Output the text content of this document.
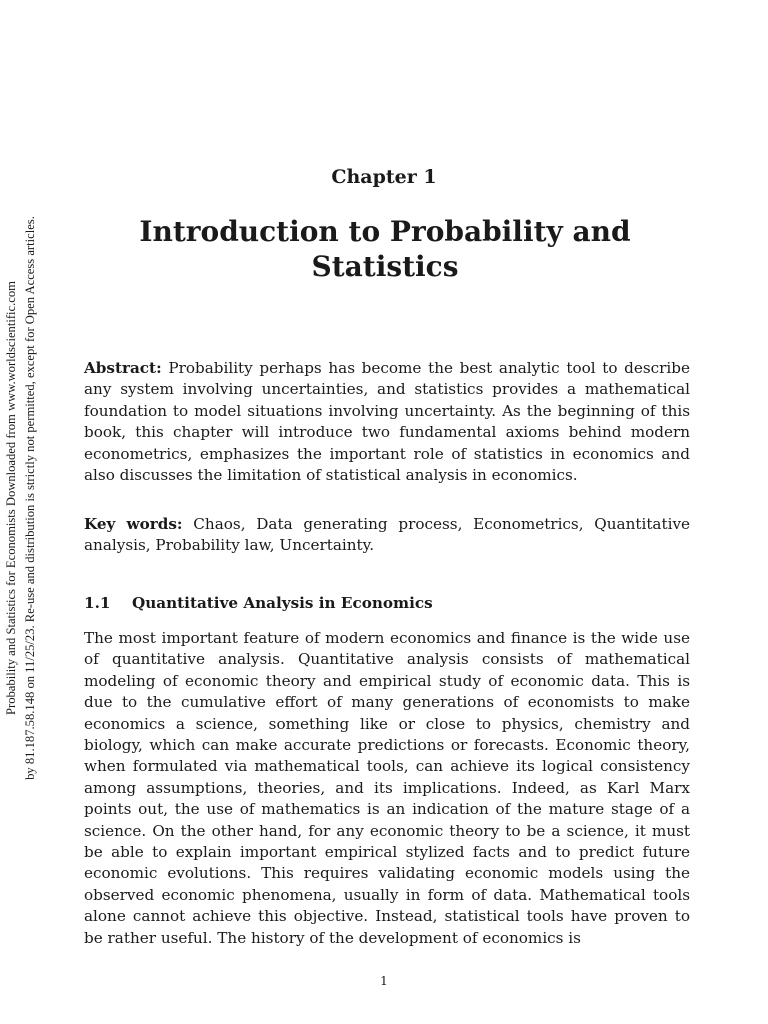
Probability and Statistics for Economists Downloaded from www.worldscientific.com by 81.187.58.148 on 11/25/23. Re-use and distribution is strictly not permitted, except for Open Access articles.
Chapter 1
Introduction to Probability and Statistics
Abstract: Probability perhaps has become the best analytic tool to describe any system involving uncertainties, and statistics provides a mathematical foundation to model situations involving uncertainty. As the beginning of this book, this chapter will introduce two fundamental axioms behind modern econometrics, emphasizes the important role of statistics in economics and also discusses the limitation of statistical analysis in economics.
Key words: Chaos, Data generating process, Econometrics, Quantitative analysis, Probability law, Uncertainty.
1.1 Quantitative Analysis in Economics
The most important feature of modern economics and finance is the wide use of quantitative analysis. Quantitative analysis consists of mathematical modeling of economic theory and empirical study of economic data. This is due to the cumulative effort of many generations of economists to make economics a science, something like or close to physics, chemistry and biology, which can make accurate predictions or forecasts. Economic theory, when formulated via mathematical tools, can achieve its logical consistency among assumptions, theories, and its implications. Indeed, as Karl Marx points out, the use of mathematics is an indication of the mature stage of a science. On the other hand, for any economic theory to be a science, it must be able to explain important empirical stylized facts and to predict future economic evolutions. This requires validating economic models using the observed economic phenomena, usually in form of data. Mathematical tools alone cannot achieve this objective. Instead, statistical tools have proven to be rather useful. The history of the development of economics is
1
